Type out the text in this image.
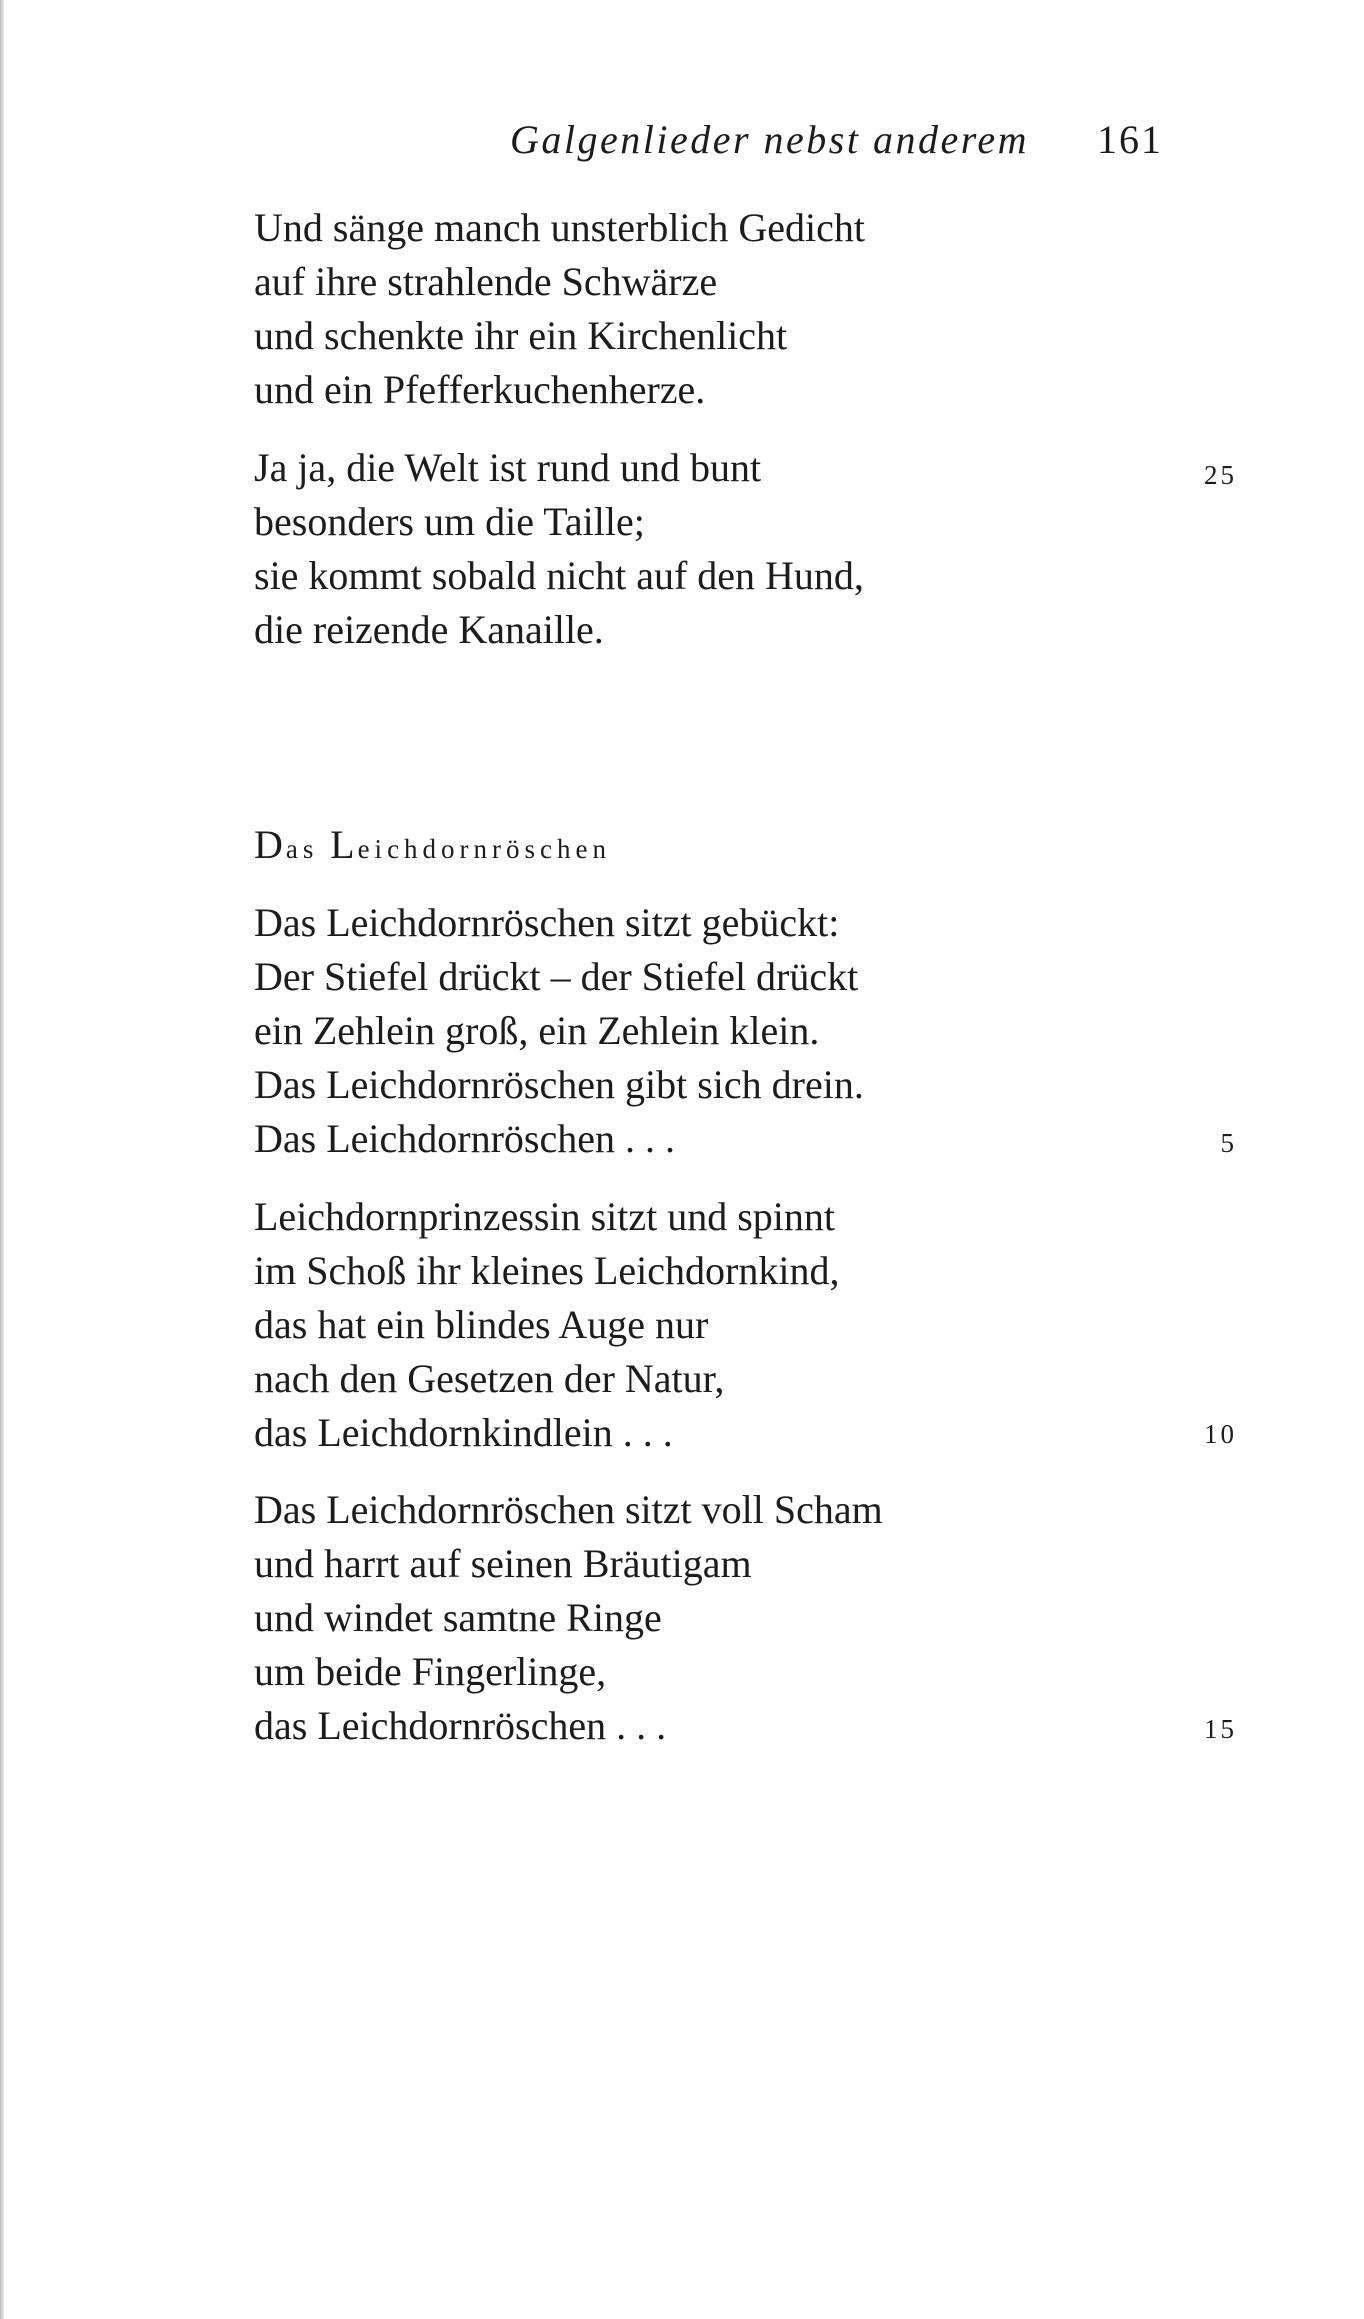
Galgenlieder nebst anderem 161
Und sänge manch unsterblich Gedicht
auf ihre strahlende Schwärze
und schenkte ihr ein Kirchenlicht
und ein Pfefferkuchenherze.
Ja ja, die Welt ist rund und bunt
besonders um die Taille;
sie kommt sobald nicht auf den Hund,
die reizende Kanaille.
25
Das Leichdornröschen
Das Leichdornröschen sitzt gebückt:
Der Stiefel drückt – der Stiefel drückt
ein Zehlein groß, ein Zehlein klein.
Das Leichdornröschen gibt sich drein.
Das Leichdornröschen . . .	5
Leichdornprinzessin sitzt und spinnt
im Schoß ihr kleines Leichdornkind,
das hat ein blindes Auge nur
nach den Gesetzen der Natur,
das Leichdornkindlein . . .	10
Das Leichdornröschen sitzt voll Scham
und harrt auf seinen Bräutigam
und windet samtne Ringe
um beide Fingerlinge,
das Leichdornröschen . . .	15
